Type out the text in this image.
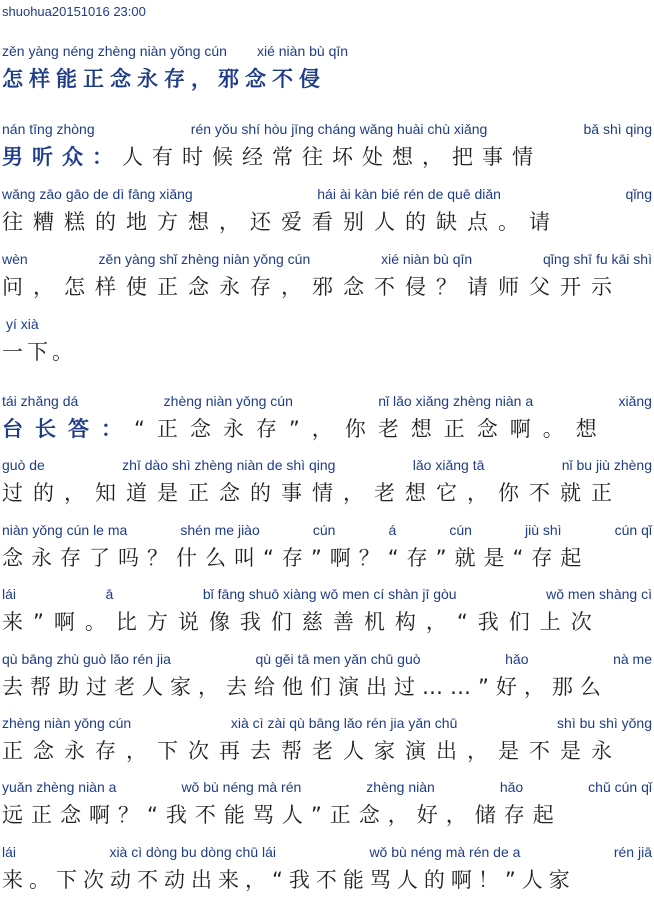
shuohua20151016 23:00
zěn yàng néng zhèng niàn yǒng cún xié niàn bù qīn
怎样能正念永存， 邪念不侵
nán tīng zhòng	rén yǒu shí hòu jīng cháng wǎng huài chù xiǎng	bǎ shì qing
男听众：人有时候经常往坏处想，把事情
wǎng zāo gāo de dì fāng xiǎng	hái ài kàn bié rén de quē diǎn	qǐng
往糟糕的地方想，还爱看别人的缺点。请
wèn	zěn yàng shǐ zhèng niàn yǒng cún	xié niàn bù qīn	qǐng shī fu kāi shì
问，怎样使正念永存，邪念不侵？请师父开示
yí xià
一下。
tái zhǎng dá	zhèng niàn yǒng cún	nǐ lǎo xiǎng zhèng niàn a	xiǎng
台长答：“正念永存”，你老想正念啊。想
guò de	zhī dào shì zhèng niàn de shì qing	lǎo xiǎng tā	nǐ bu jiù zhèng
过的，知道是正念的事情，老想它，你不就正
niàn yǒng cún le ma	shén me jiào	cún	á	cún	jiù shì	cún qǐ
念永存了吗？什么叫“存”啊？“存”就是“存起
lái	ā	bǐ fāng shuō xiàng wǒ men cí shàn jī gòu	wǒ men shàng cì
来”啊。比方说像我们慈善机构，“我们上次
qù bāng zhù guò lǎo rén jia	qù gěi tā men yǎn chū guò	hǎo	nà me
去帮助过老人家，去给他们演出过……”好，那么
zhèng niàn yǒng cún	xià cì zài qù bāng lǎo rén jia yǎn chū	shì bu shì yǒng
正念永存，下次再去帮老人家演出，是不是永
yuǎn zhèng niàn a	wǒ bù néng mà rén	zhèng niàn	hǎo	chǔ cún qǐ
远正念啊？“我不能骂人”正念，好，储存起
lái	xià cì dòng bu dòng chū lái	wǒ bù néng mà rén de a	rén jiā
来。下次动不动出来，“我不能骂人的啊！”人家
